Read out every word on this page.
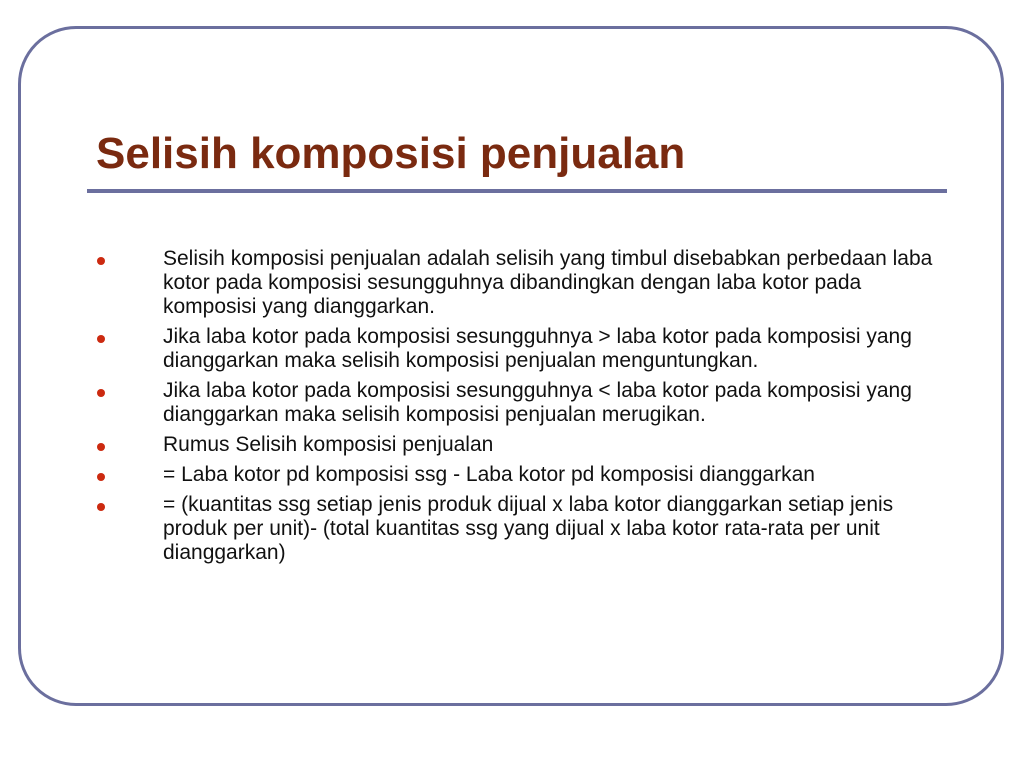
Selisih komposisi penjualan
Selisih komposisi penjualan adalah selisih yang timbul disebabkan perbedaan laba kotor pada komposisi sesungguhnya dibandingkan dengan laba kotor pada komposisi yang dianggarkan.
Jika laba kotor pada komposisi sesungguhnya > laba kotor pada komposisi yang dianggarkan maka selisih komposisi penjualan menguntungkan.
Jika laba kotor pada komposisi sesungguhnya < laba kotor pada komposisi yang dianggarkan maka selisih komposisi penjualan merugikan.
Rumus Selisih komposisi penjualan
= Laba kotor pd komposisi ssg - Laba kotor pd komposisi dianggarkan
= (kuantitas ssg setiap jenis produk dijual x laba kotor dianggarkan setiap jenis produk per unit)- (total kuantitas ssg yang dijual x laba kotor rata-rata per unit dianggarkan)
